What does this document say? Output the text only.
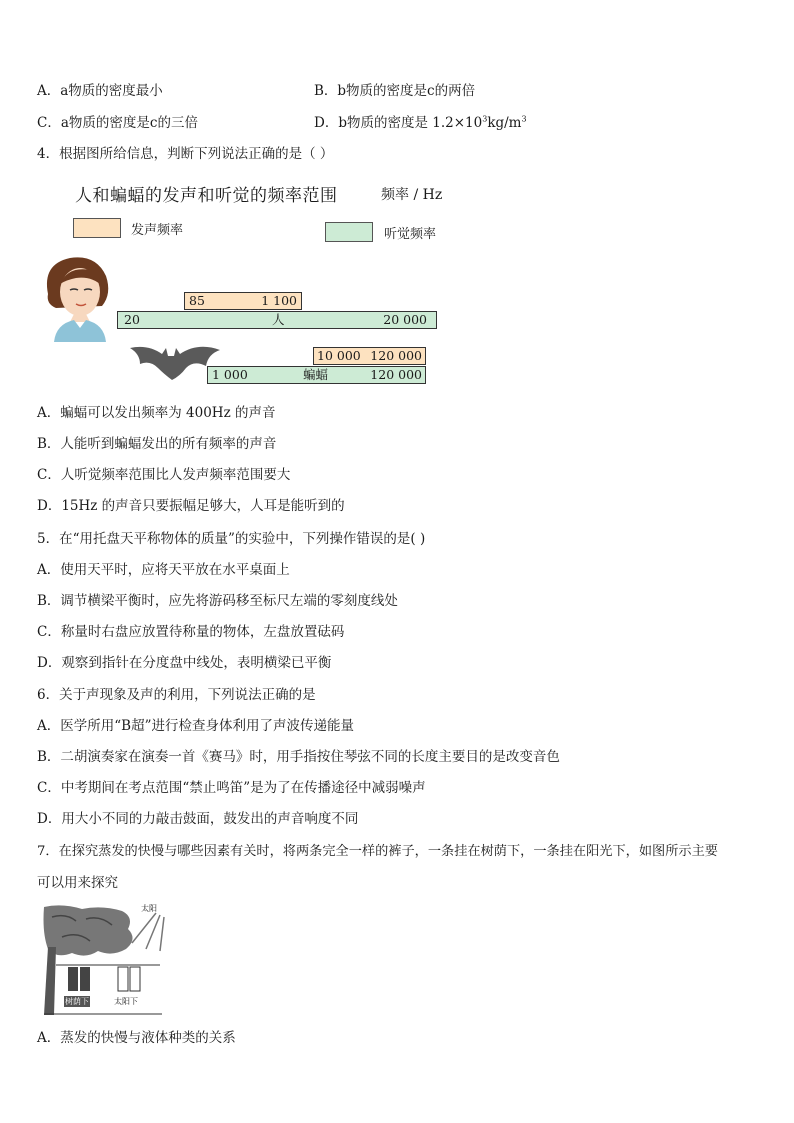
A．a物质的密度最小	B．b物质的密度是c的两倍
C．a物质的密度是c的三倍	D．b物质的密度是 $1.2\times 10^3kg/m^3$
4．根据图所给信息，判断下列说法正确的是（ ）
人和蝙蝠的发声和听觉的频率范围	频率 / Hz
发声频率	听觉频率
85	1 100
20	人	20 000
10 000 120 000
1 000	蝙蝠	120 000
A．蝙蝠可以发出频率为 400Hz 的声音
B．人能听到蝙蝠发出的所有频率的声音
C．人听觉频率范围比人发声频率范围要大
D．15Hz 的声音只要振幅足够大，人耳是能听到的
5．在“用托盘天平称物体的质量”的实验中，下列操作错误的是( )
A．使用天平时，应将天平放在水平桌面上
B．调节横梁平衡时，应先将游码移至标尺左端的零刻度线处
C．称量时右盘应放置待称量的物体，左盘放置砝码
D．观察到指针在分度盘中线处，表明横梁已平衡
6．关于声现象及声的利用，下列说法正确的是
A．医学所用“B超”进行检查身体利用了声波传递能量
B．二胡演奏家在演奏一首《赛马》时，用手指按住琴弦不同的长度主要目的是改变音色
C．中考期间在考点范围“禁止鸣笛”是为了在传播途径中减弱噪声
D．用大小不同的力敲击鼓面，鼓发出的声音响度不同
7．在探究蒸发的快慢与哪些因素有关时，将两条完全一样的裤子，一条挂在树荫下，一条挂在阳光下，如图所示主要
可以用来探究
太阳
树荫下	太阳下
A．蒸发的快慢与液体种类的关系
